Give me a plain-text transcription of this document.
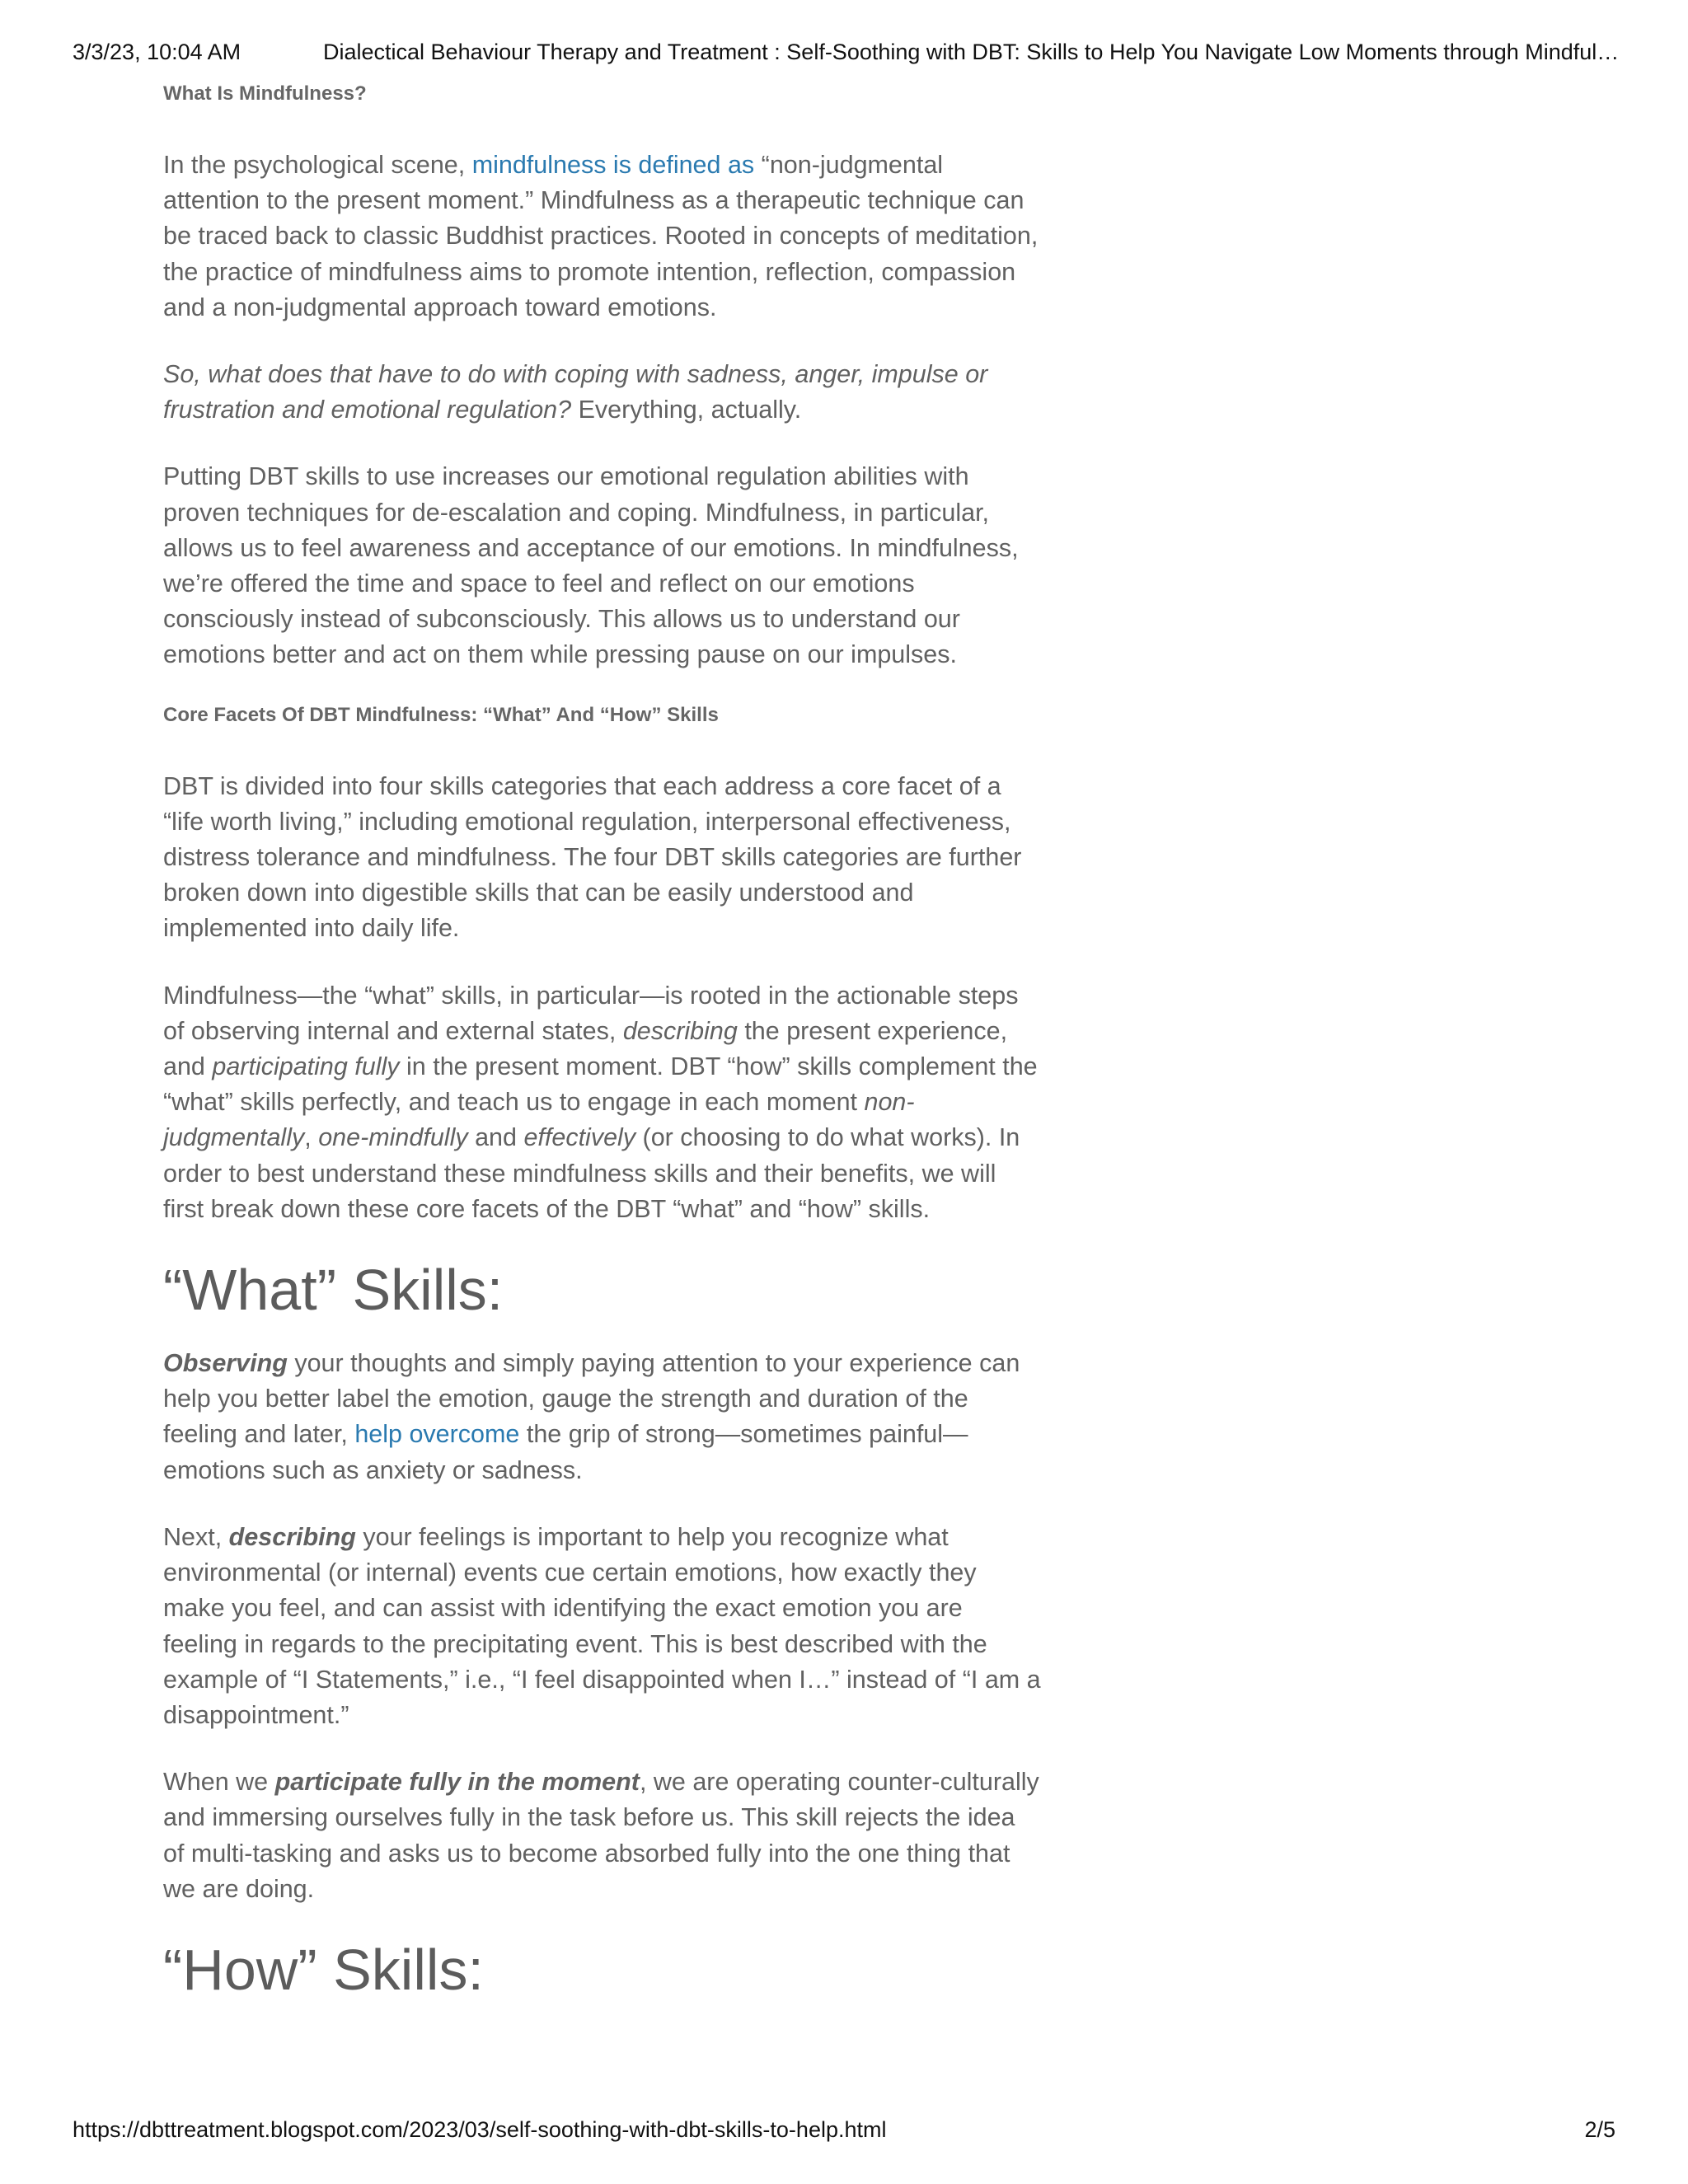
3/3/23, 10:04 AM	Dialectical Behaviour Therapy and Treatment : Self-Soothing with DBT: Skills to Help You Navigate Low Moments through Mindful…
What Is Mindfulness?

In the psychological scene, mindfulness is defined as “non-judgmental attention to the present moment.” Mindfulness as a therapeutic technique can be traced back to classic Buddhist practices. Rooted in concepts of meditation, the practice of mindfulness aims to promote intention, reflection, compassion and a non-judgmental approach toward emotions.

So, what does that have to do with coping with sadness, anger, impulse or frustration and emotional regulation? Everything, actually.

Putting DBT skills to use increases our emotional regulation abilities with proven techniques for de-escalation and coping. Mindfulness, in particular, allows us to feel awareness and acceptance of our emotions. In mindfulness, we’re offered the time and space to feel and reflect on our emotions consciously instead of subconsciously. This allows us to understand our emotions better and act on them while pressing pause on our impulses.

Core Facets Of DBT Mindfulness: “What” And “How” Skills

DBT is divided into four skills categories that each address a core facet of a “life worth living,” including emotional regulation, interpersonal effectiveness, distress tolerance and mindfulness. The four DBT skills categories are further broken down into digestible skills that can be easily understood and implemented into daily life.

Mindfulness—the “what” skills, in particular—is rooted in the actionable steps of observing internal and external states, describing the present experience, and participating fully in the present moment. DBT “how” skills complement the “what” skills perfectly, and teach us to engage in each moment non-judgmentally, one-mindfully and effectively (or choosing to do what works). In order to best understand these mindfulness skills and their benefits, we will first break down these core facets of the DBT “what” and “how” skills.

“What” Skills:

Observing your thoughts and simply paying attention to your experience can help you better label the emotion, gauge the strength and duration of the feeling and later, help overcome the grip of strong—sometimes painful—emotions such as anxiety or sadness.

Next, describing your feelings is important to help you recognize what environmental (or internal) events cue certain emotions, how exactly they make you feel, and can assist with identifying the exact emotion you are feeling in regards to the precipitating event. This is best described with the example of “I Statements,” i.e., “I feel disappointed when I…” instead of “I am a disappointment.”

When we participate fully in the moment, we are operating counter-culturally and immersing ourselves fully in the task before us. This skill rejects the idea of multi-tasking and asks us to become absorbed fully into the one thing that we are doing.

“How” Skills:
https://dbttreatment.blogspot.com/2023/03/self-soothing-with-dbt-skills-to-help.html	2/5
